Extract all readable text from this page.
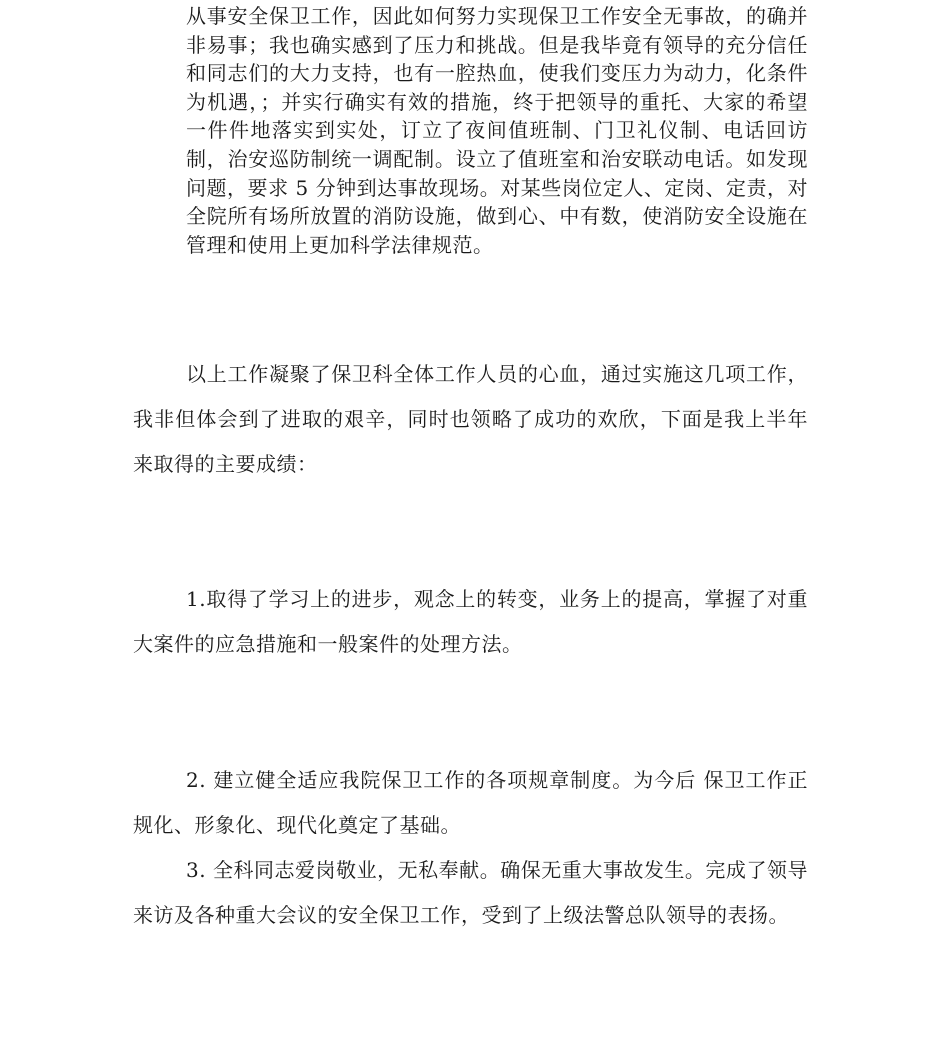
从事安全保卫工作，因此如何努力实现保卫工作安全无事故，的确并非易事；我也确实感到了压力和挑战。但是我毕竟有领导的充分信任和同志们的大力支持，也有一腔热血，使我们变压力为动力，化条件为机遇，；并实行确实有效的措施，终于把领导的重托、大家的希望一件件地落实到实处，订立了夜间值班制、门卫礼仪制、电话回访制，治安巡防制统一调配制。设立了值班室和治安联动电话。如发现问题，要求 5 分钟到达事故现场。对某些岗位定人、定岗、定责，对全院所有场所放置的消防设施，做到心、中有数，使消防安全设施在管理和使用上更加科学法律规范。

以上工作凝聚了保卫科全体工作人员的心血，通过实施这几项工作，我非但体会到了进取的艰辛，同时也领略了成功的欢欣，下面是我上半年来取得的主要成绩：

1.取得了学习上的进步，观念上的转变，业务上的提高，掌握了对重大案件的应急措施和一般案件的处理方法。

2. 建立健全适应我院保卫工作的各项规章制度。为今后 保卫工作正规化、形象化、现代化奠定了基础。

3. 全科同志爱岗敬业，无私奉献。确保无重大事故发生。完成了领导来访及各种重大会议的安全保卫工作，受到了上级法警总队领导的表扬。
